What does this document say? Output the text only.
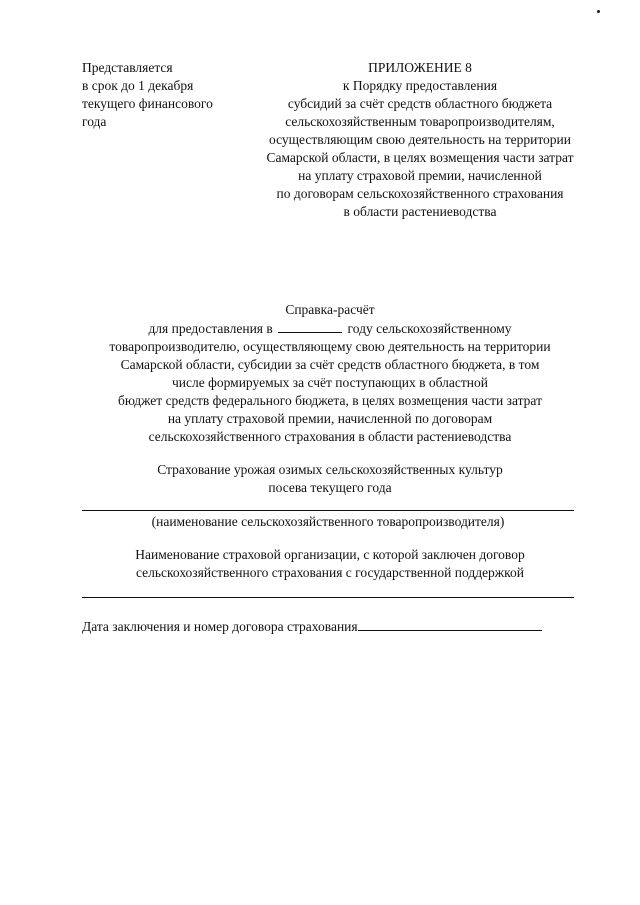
Представляется
в срок до 1 декабря
текущего финансового
года
ПРИЛОЖЕНИЕ 8
к Порядку предоставления
субсидий за счёт средств областного бюджета
сельскохозяйственным товаропроизводителям,
осуществляющим свою деятельность на территории
Самарской области, в целях возмещения части затрат
на уплату страховой премии, начисленной
по договорам сельскохозяйственного страхования
в области растениеводства
Справка-расчёт
для предоставления в	году сельскохозяйственному
товаропроизводителю, осуществляющему свою деятельность на территории
Самарской области, субсидии за счёт средств областного бюджета, в том
числе формируемых за счёт поступающих в областной
бюджет средств федерального бюджета, в целях возмещения части затрат
на уплату страховой премии, начисленной по договорам
сельскохозяйственного страхования в области растениеводства
Страхование урожая озимых сельскохозяйственных культур
посева текущего года
(наименование сельскохозяйственного товаропроизводителя)
Наименование страховой организации, с которой заключен договор
сельскохозяйственного страхования с государственной поддержкой
Дата заключения и номер договора страхования
